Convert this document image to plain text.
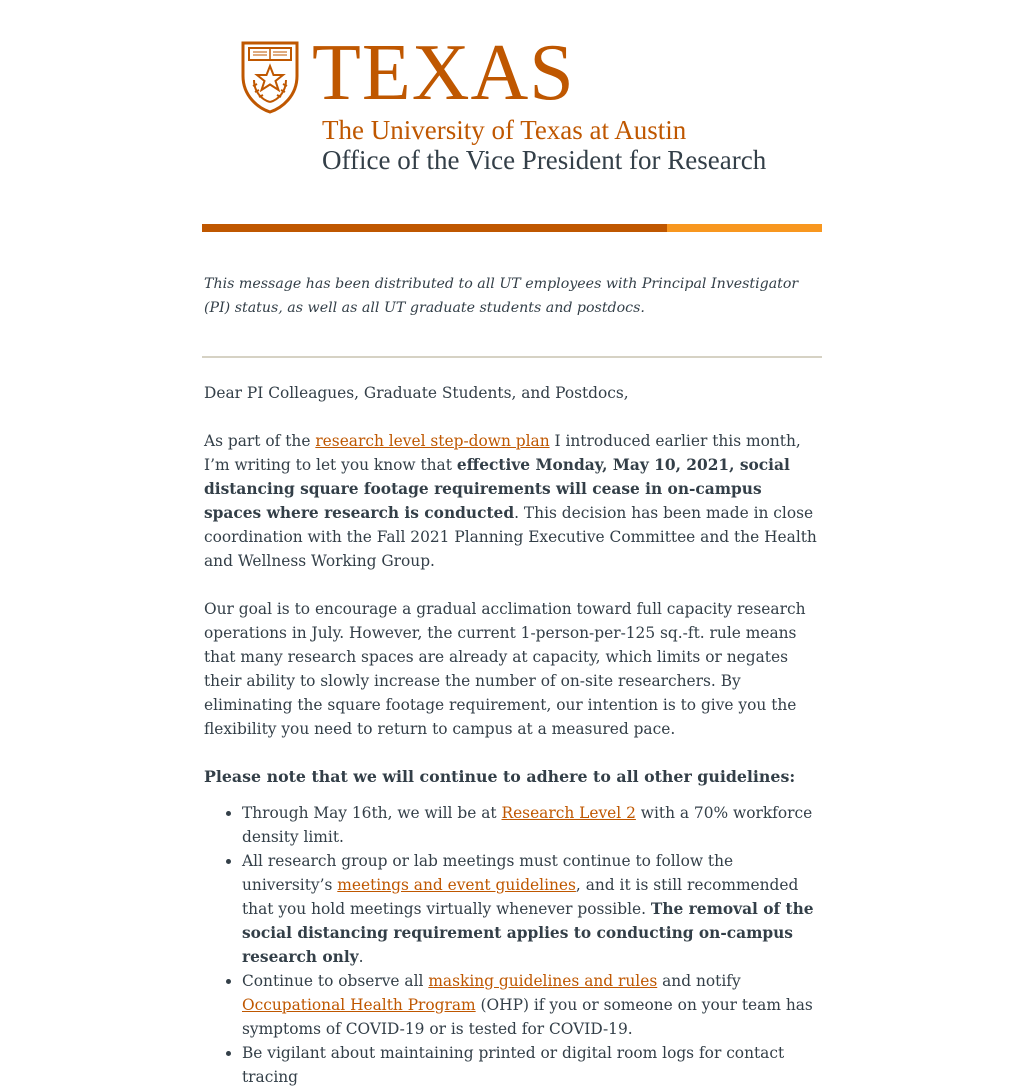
TEXAS
The University of Texas at Austin
Office of the Vice President for Research
This message has been distributed to all UT employees with Principal Investigator (PI) status, as well as all UT graduate students and postdocs.
Dear PI Colleagues, Graduate Students, and Postdocs,
As part of the research level step-down plan I introduced earlier this month, I’m writing to let you know that effective Monday, May 10, 2021, social distancing square footage requirements will cease in on-campus spaces where research is conducted. This decision has been made in close coordination with the Fall 2021 Planning Executive Committee and the Health and Wellness Working Group.
Our goal is to encourage a gradual acclimation toward full capacity research operations in July. However, the current 1-person-per-125 sq.-ft. rule means that many research spaces are already at capacity, which limits or negates their ability to slowly increase the number of on-site researchers. By eliminating the square footage requirement, our intention is to give you the flexibility you need to return to campus at a measured pace.
Please note that we will continue to adhere to all other guidelines:
• Through May 16th, we will be at Research Level 2 with a 70% workforce density limit.
• All research group or lab meetings must continue to follow the university’s meetings and event guidelines, and it is still recommended that you hold meetings virtually whenever possible. The removal of the social distancing requirement applies to conducting on-campus research only.
• Continue to observe all masking guidelines and rules and notify Occupational Health Program (OHP) if you or someone on your team has symptoms of COVID-19 or is tested for COVID-19.
• Be vigilant about maintaining printed or digital room logs for contact tracing
